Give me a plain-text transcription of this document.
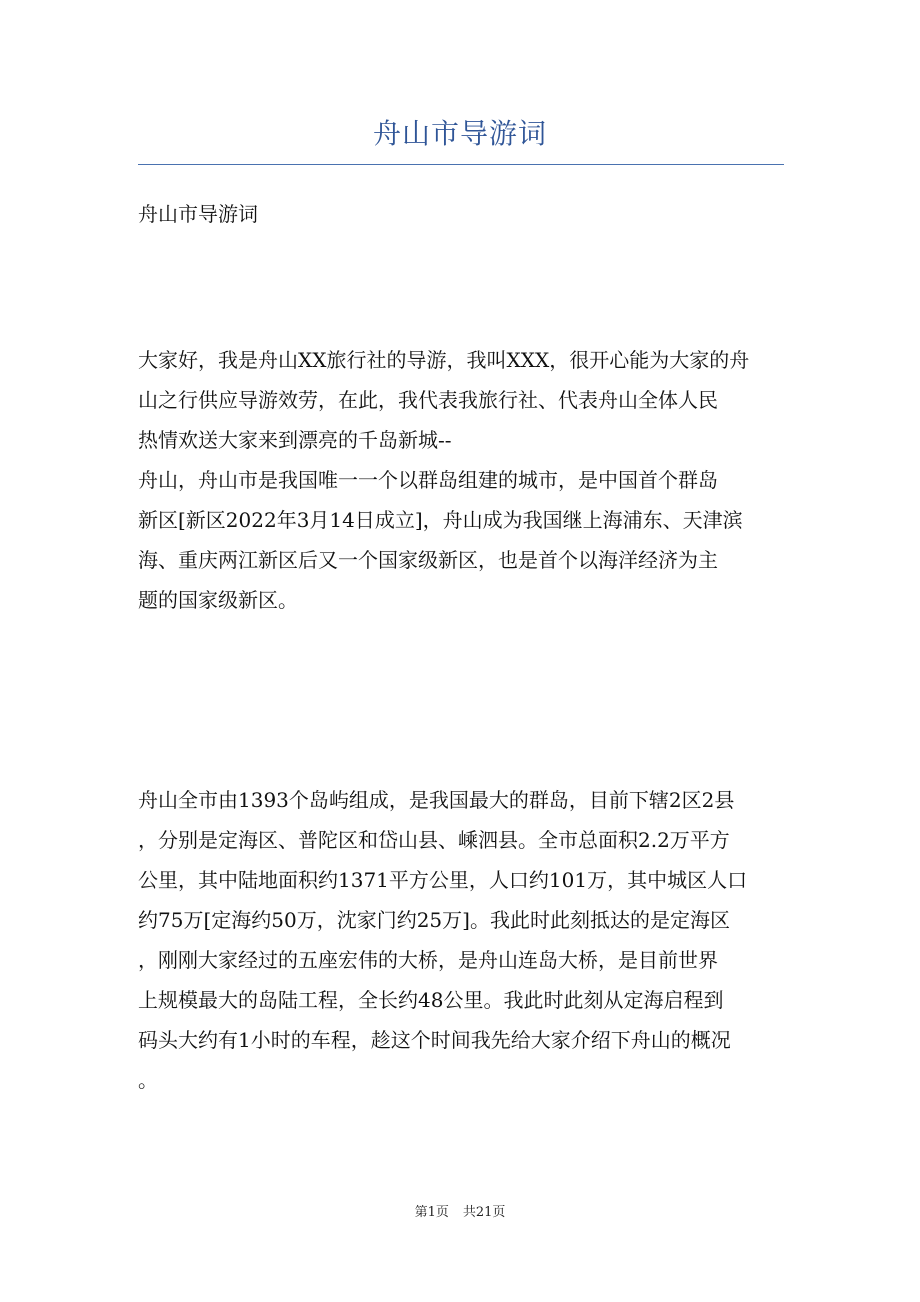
舟山市导游词
舟山市导游词
大家好，我是舟山XX旅行社的导游，我叫XXX，很开心能为大家的舟
山之行供应导游效劳，在此，我代表我旅行社、代表舟山全体人民
热情欢送大家来到漂亮的千岛新城--
舟山，舟山市是我国唯一一个以群岛组建的城市，是中国首个群岛
新区[新区2022年3月14日成立]，舟山成为我国继上海浦东、天津滨
海、重庆两江新区后又一个国家级新区，也是首个以海洋经济为主
题的国家级新区。
舟山全市由1393个岛屿组成，是我国最大的群岛，目前下辖2区2县
，分别是定海区、普陀区和岱山县、嵊泗县。全市总面积2.2万平方
公里，其中陆地面积约1371平方公里，人口约101万，其中城区人口
约75万[定海约50万，沈家门约25万]。我此时此刻抵达的是定海区
，刚刚大家经过的五座宏伟的大桥，是舟山连岛大桥，是目前世界
上规模最大的岛陆工程，全长约48公里。我此时此刻从定海启程到
码头大约有1小时的车程，趁这个时间我先给大家介绍下舟山的概况
。
第1页 共21页
